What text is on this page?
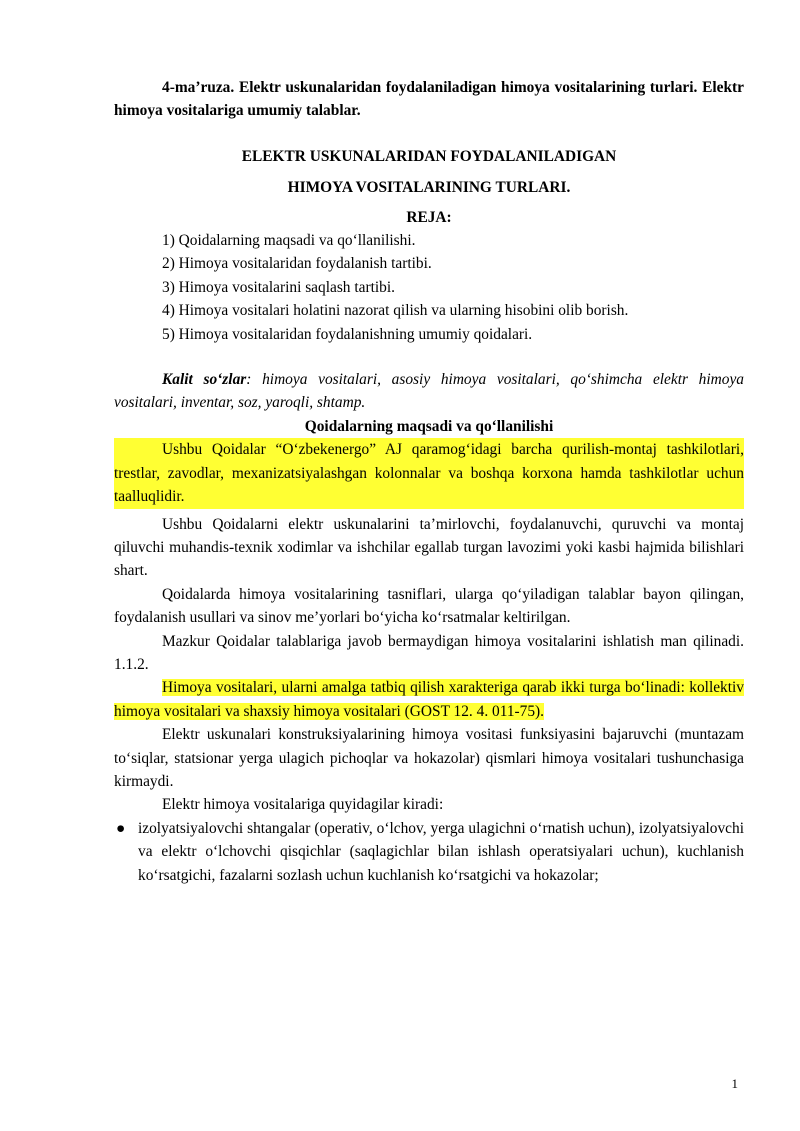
4-ma’ruza. Elektr uskunalaridan foydalaniladigan himoya vositalarining turlari. Elektr himoya vositalariga umumiy talablar.

ELEKTR USKUNALARIDAN FOYDALANILADIGAN

HIMOYA VOSITALARINING TURLARI.

REJA:

1) Qoidalarning maqsadi va qo‘llanilishi.

2) Himoya vositalaridan foydalanish tartibi.

3) Himoya vositalarini saqlash tartibi.

4) Himoya vositalari holatini nazorat qilish va ularning hisobini olib borish.

5) Himoya vositalaridan foydalanishning umumiy qoidalari.

Kalit so‘zlar: himoya vositalari, asosiy himoya vositalari, qo‘shimcha elektr himoya vositalari, inventar, soz, yaroqli, shtamp.

Qoidalarning maqsadi va qo‘llanilishi

Ushbu Qoidalar “O‘zbekenergo” AJ qaramog‘idagi barcha qurilish-montaj tashkilotlari, trestlar, zavodlar, mexanizatsiyalashgan kolonnalar va boshqa korxona hamda tashkilotlar uchun taalluqlidir.

Ushbu Qoidalarni elektr uskunalarini ta’mirlovchi, foydalanuvchi, quruvchi va montaj qiluvchi muhandis-texnik xodimlar va ishchilar egallab turgan lavozimi yoki kasbi hajmida bilishlari shart.

Qoidalarda himoya vositalarining tasniflari, ularga qo‘yiladigan talablar bayon qilingan, foydalanish usullari va sinov me’yorlari bo‘yicha ko‘rsatmalar keltirilgan.

Mazkur Qoidalar talablariga javob bermaydigan himoya vositalarini ishlatish man qilinadi. 1.1.2.

Himoya vositalari, ularni amalga tatbiq qilish xarakteriga qarab ikki turga bo‘linadi: kollektiv himoya vositalari va shaxsiy himoya vositalari (GOST 12. 4. 011-75).

Elektr uskunalari konstruksiyalarining himoya vositasi funksiyasini bajaruvchi (muntazam to‘siqlar, statsionar yerga ulagich pichoqlar va hokazolar) qismlari himoya vositalari tushunchasiga kirmaydi.

Elektr himoya vositalariga quyidagilar kiradi:

● izolyatsiyalovchi shtangalar (operativ, o‘lchov, yerga ulagichni o‘rnatish uchun), izolyatsiyalovchi va elektr o‘lchovchi qisqichlar (saqlagichlar bilan ishlash operatsiyalari uchun), kuchlanish ko‘rsatgichi, fazalarni sozlash uchun kuchlanish ko‘rsatgichi va hokazolar;

1
